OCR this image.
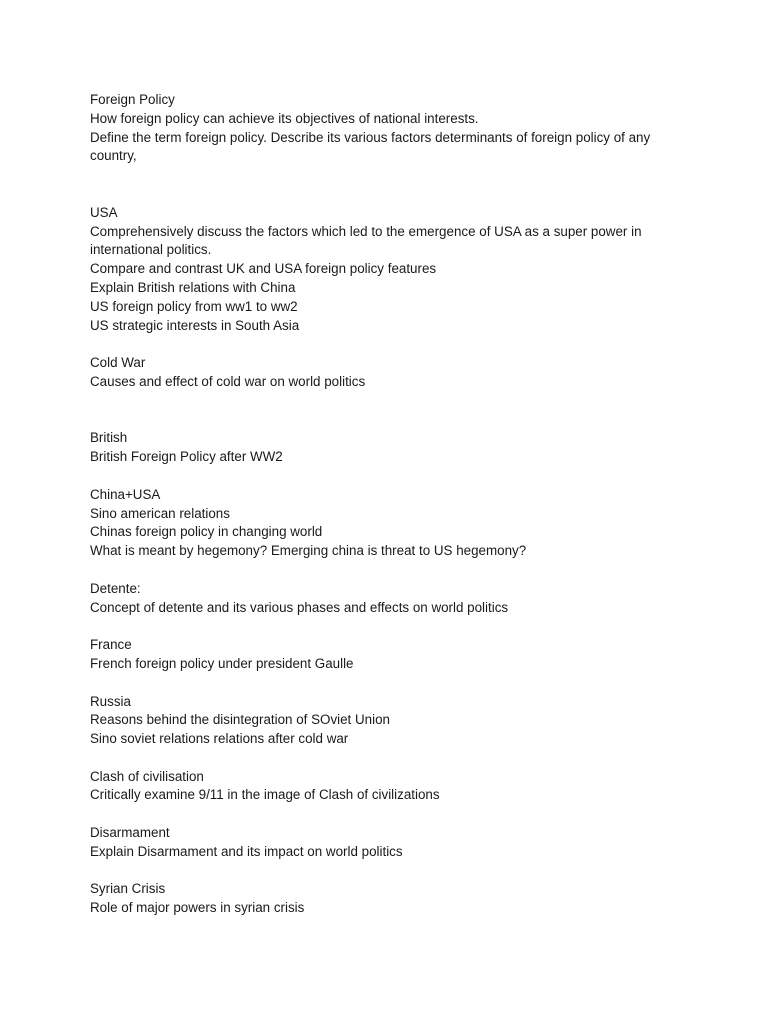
Foreign Policy

How foreign policy can achieve its objectives of national interests.

Define the term foreign policy. Describe its various factors determinants of foreign policy of any country,

USA

Comprehensively discuss the factors which led to the emergence of USA as a super power in international politics.

Compare and contrast UK and USA foreign policy features

Explain British relations with China

US foreign policy from ww1 to ww2

US strategic interests in South Asia

Cold War

Causes and effect of cold war on world politics

British

British Foreign Policy after WW2

China+USA

Sino american relations

Chinas foreign policy in changing world

What is meant by hegemony? Emerging china is threat to US hegemony?

Detente:

Concept of detente and its various phases and effects on world politics

France

French foreign policy under president Gaulle

Russia

Reasons behind the disintegration of SOviet Union

Sino soviet relations relations after cold war

Clash of civilisation

Critically examine 9/11 in the image of Clash of civilizations

Disarmament

Explain Disarmament and its impact on world politics

Syrian Crisis

Role of major powers in syrian crisis
